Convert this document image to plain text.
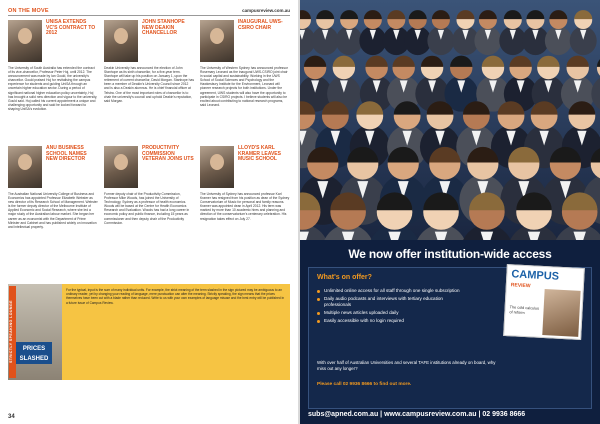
ON THE MOVE	campusreview.com.au
UNISA EXTENDS VC'S CONTRACT TO 2012
The University of South Australia has extended the contract of its vice-chancellor, Professor Peter Hoj, until 2012. The announcement was made by Ian Gould, the university's chancellor. Gould praised Hoj for revitalising the campus experience for students and guiding UniSA through an uncertain higher education sector. During a period of significant national higher education policy uncertainty, Hoj has brought a solid new direction and vigour to the university, Gould said. Hoj called his current appointment a unique and challenging opportunity and said he looked forward to shaping UniSA's evolution.
JOHN STANHOPE NEW DEAKIN CHANCELLOR
Deakin University has announced the election of John Stanhope as its sixth chancellor, for a five-year term. Stanhope will take up his position on January 1, upon the retirement of current chancellor, David Morgan. Stanhope has been a member of Deakin's University Council since 2012 and is also a Deakin alumnus. He is chief financial officer at Telstra. One of the most important roles of chancellor is to chair the university's council and uphold Deakin's reputation, said Morgan.
INAUGURAL UWS-CSIRO CHAIR
The University of Western Sydney has announced professor Rosemary Leonard as the inaugural UWS-CSIRO joint chair in social capital and sustainability. Working in the UWS School of Social Sciences and Psychology and the Hawkesbury Institute for the Environment, Leonard will pioneer research projects for both institutions. Under the agreement, UWS students will also have the opportunity to participate in CSIRO projects. I believe students will also be excited about contributing to national research programs, said Leonard.
ANU BUSINESS SCHOOL NAMES NEW DIRECTOR
The Australian National University College of Business and Economics has appointed Professor Elizabeth Webster as new director of its Research School of Management. Webster is the former deputy director of the Melbourne Institute of Applied Economic and Social Research, where she led a major study of the Australian labour market. She began her career as an economist with the Department of Prime Minister and Cabinet and has published widely on innovation and intellectual property.
PRODUCTIVITY COMMISSION VETERAN JOINS UTS
Former deputy chair of the Productivity Commission, Professor Mike Woods, has joined the University of Technology, Sydney as a professor of health economics. Woods will be based at the Centre for Health Economics Research and Evaluation. Woods has had a long career in economic policy and public finance, including 15 years as commissioner and then deputy chair of the Productivity Commission.
LLOYD'S KARL KRAMER LEAVES MUSIC SCHOOL
The University of Sydney has announced professor Karl Kramer has resigned from his position as dean of the Sydney Conservatorium of Music for personal and family reasons. Kramer was appointed dean in April 2012. His term was marked by more than 10 academic hires and planning and direction of the conservatorium's centenary celebration. His resignation takes effect on July 27.
PRICES SLASHED
STRICTLY SPEAKING LOUNGE
For the typical, input is the sum of many individual units. For example, the strict meaning of the term slashed in the sign pictured may be ambiguous to an ordinary reader, yet by changing your reading of language, mere punctuation can alter the meaning. Strictly speaking, the sign means that the prices themselves have been cut with a blade rather than reduced. Write to us with your own examples of language misuse and the best entry will be published in a future issue of Campus Review.
34
We now offer institution-wide access
What's on offer?
Unlimited online access for all staff through one single subscription
Daily audio podcasts and interviews with tertiary education professionals
Multiple news articles uploaded daily
Easily accessible with no login required
With over half of Australian Universities and several TAFE institutions already on board, why miss out any longer?
Please call 02 9936 8666 to find out more.
CAMPUS
REVIEW
The cold calculus of reform
subs@apned.com.au | www.campusreview.com.au | 02 9936 8666
